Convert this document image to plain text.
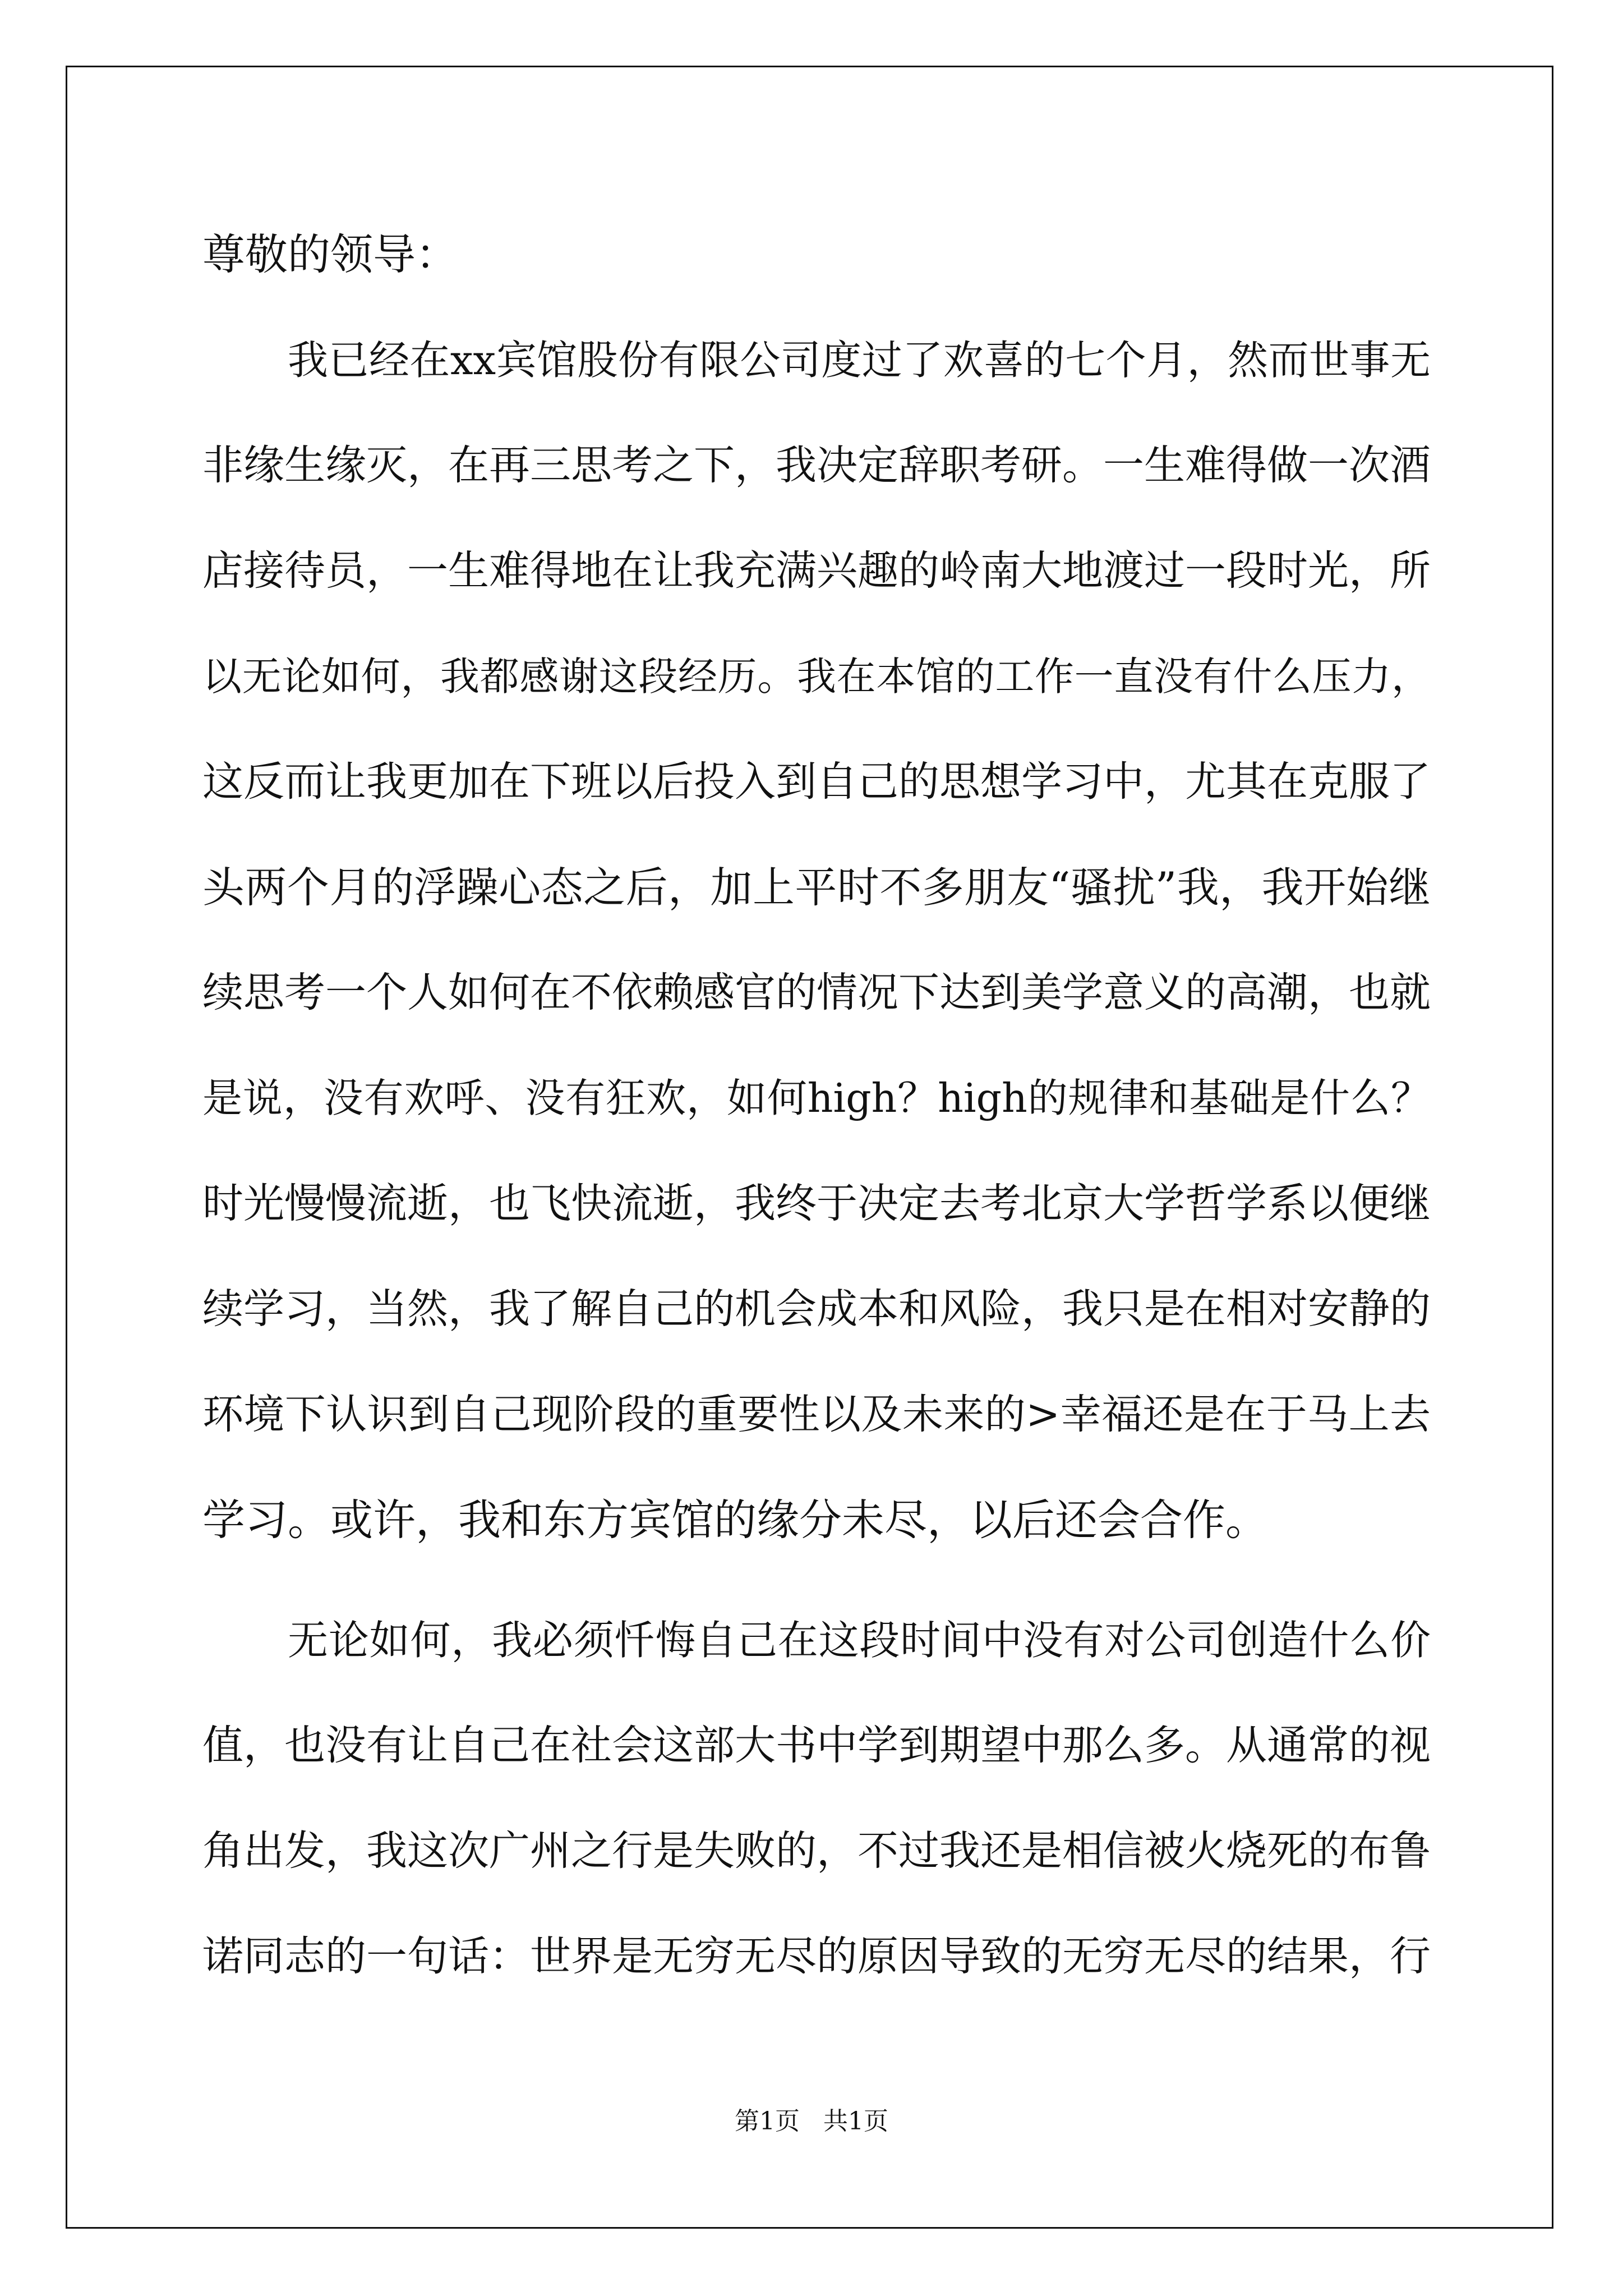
尊敬的领导：
我已经在xx宾馆股份有限公司度过了欢喜的七个月，然而世事无
非缘生缘灭，在再三思考之下，我决定辞职考研。一生难得做一次酒
店接待员，一生难得地在让我充满兴趣的岭南大地渡过一段时光，所
以无论如何，我都感谢这段经历。我在本馆的工作一直没有什么压力，
这反而让我更加在下班以后投入到自己的思想学习中，尤其在克服了
头两个月的浮躁心态之后，加上平时不多朋友“骚扰”我，我开始继
续思考一个人如何在不依赖感官的情况下达到美学意义的高潮，也就
是说，没有欢呼、没有狂欢，如何high？high的规律和基础是什么？
时光慢慢流逝，也飞快流逝，我终于决定去考北京大学哲学系以便继
续学习，当然，我了解自己的机会成本和风险，我只是在相对安静的
环境下认识到自己现阶段的重要性以及未来的>幸福还是在于马上去
学习。或许，我和东方宾馆的缘分未尽，以后还会合作。
无论如何，我必须忏悔自己在这段时间中没有对公司创造什么价
值，也没有让自己在社会这部大书中学到期望中那么多。从通常的视
角出发，我这次广州之行是失败的，不过我还是相信被火烧死的布鲁
诺同志的一句话：世界是无穷无尽的原因导致的无穷无尽的结果，行
第1页   共1页
